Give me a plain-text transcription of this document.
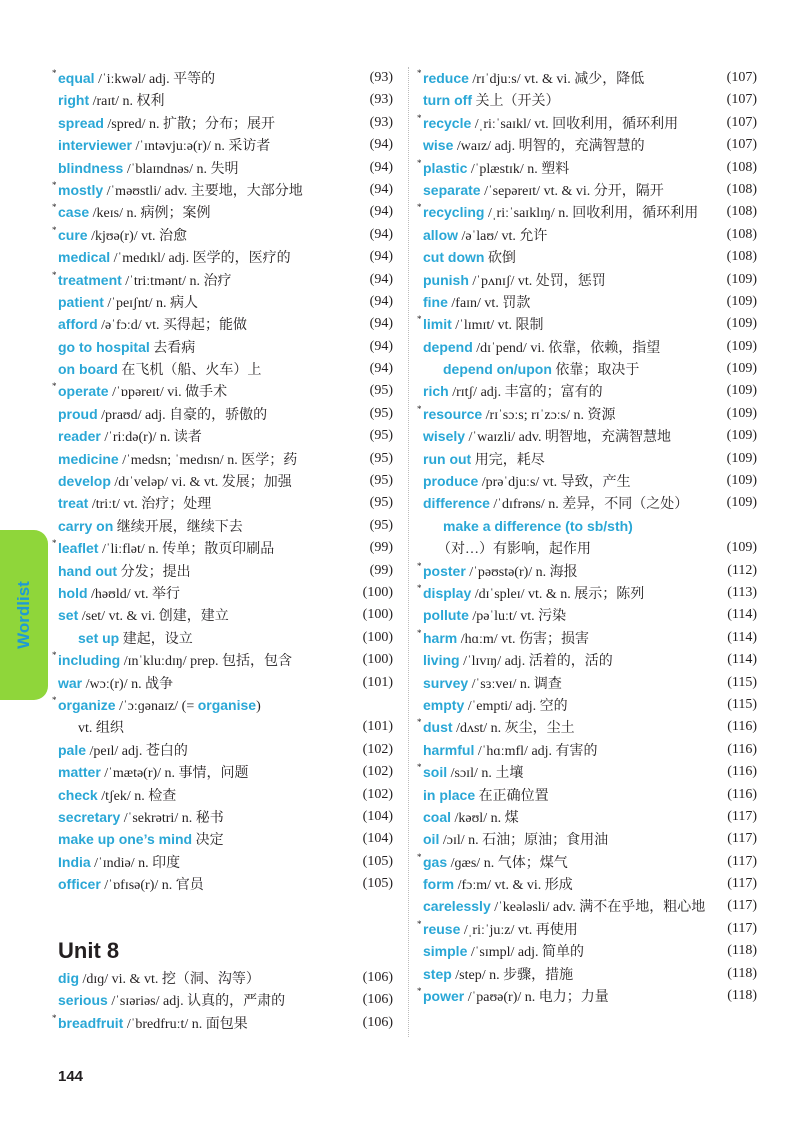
Wordlist
* equal /ˈiːkwəl/ adj. 平等的	(93)
right /raɪt/ n. 权利	(93)
spread /spred/ n. 扩散；分布；展开	(93)
interviewer /ˈɪntəvjuːə(r)/ n. 采访者	(94)
blindness /ˈblaɪndnəs/ n. 失明	(94)
* mostly /ˈməʊstli/ adv. 主要地，大部分地	(94)
* case /keɪs/ n. 病例；案例	(94)
* cure /kjʊə(r)/ vt. 治愈	(94)
medical /ˈmedɪkl/ adj. 医学的，医疗的	(94)
* treatment /ˈtriːtmənt/ n. 治疗	(94)
patient /ˈpeɪʃnt/ n. 病人	(94)
afford /əˈfɔːd/ vt. 买得起；能做	(94)
go to hospital 去看病	(94)
on board 在飞机（船、火车）上	(94)
* operate /ˈɒpəreɪt/ vi. 做手术	(95)
proud /praʊd/ adj. 自豪的，骄傲的	(95)
reader /ˈriːdə(r)/ n. 读者	(95)
medicine /ˈmedsn; ˈmedɪsn/ n. 医学；药	(95)
develop /dɪˈveləp/ vi. & vt. 发展；加强	(95)
treat /triːt/ vt. 治疗；处理	(95)
carry on 继续开展，继续下去	(95)
* leaflet /ˈliːflət/ n. 传单；散页印刷品	(99)
hand out 分发；提出	(99)
hold /həʊld/ vt. 举行	(100)
set /set/ vt. & vi. 创建，建立	(100)
set up 建起，设立	(100)
* including /ɪnˈkluːdɪŋ/ prep. 包括，包含	(100)
war /wɔː(r)/ n. 战争	(101)
* organize /ˈɔːɡənaɪz/ (= organise)
vt. 组织	(101)
pale /peɪl/ adj. 苍白的	(102)
matter /ˈmætə(r)/ n. 事情，问题	(102)
check /tʃek/ n. 检查	(102)
secretary /ˈsekrətri/ n. 秘书	(104)
make up one’s mind 决定	(104)
India /ˈɪndiə/ n. 印度	(105)
officer /ˈɒfɪsə(r)/ n. 官员	(105)
Unit 8
dig /dɪɡ/ vi. & vt. 挖（洞、沟等）	(106)
serious /ˈsɪəriəs/ adj. 认真的，严肃的	(106)
* breadfruit /ˈbredfruːt/ n. 面包果	(106)
* reduce /rɪˈdjuːs/ vt. & vi. 减少，降低	(107)
turn off 关上（开关）	(107)
* recycle /ˌriːˈsaɪkl/ vt. 回收利用，循环利用	(107)
wise /waɪz/ adj. 明智的，充满智慧的	(107)
* plastic /ˈplæstɪk/ n. 塑料	(108)
separate /ˈsepəreɪt/ vt. & vi. 分开，隔开	(108)
* recycling /ˌriːˈsaɪklɪŋ/ n. 回收利用，循环利用 (108)
allow /əˈlaʊ/ vt. 允许	(108)
cut down 砍倒	(108)
punish /ˈpʌnɪʃ/ vt. 处罚，惩罚	(109)
fine /faɪn/ vt. 罚款	(109)
* limit /ˈlɪmɪt/ vt. 限制	(109)
depend /dɪˈpend/ vi. 依靠，依赖，指望	(109)
depend on/upon 依靠；取决于	(109)
rich /rɪtʃ/ adj. 丰富的；富有的	(109)
* resource /rɪˈsɔːs; rɪˈzɔːs/ n. 资源	(109)
wisely /ˈwaɪzli/ adv. 明智地，充满智慧地	(109)
run out 用完，耗尽	(109)
produce /prəˈdjuːs/ vt. 导致，产生	(109)
difference /ˈdɪfrəns/ n. 差异，不同（之处）	(109)
make a difference (to sb/sth)
（对…）有影响，起作用	(109)
* poster /ˈpəʊstə(r)/ n. 海报	(112)
* display /dɪˈspleɪ/ vt. & n. 展示；陈列	(113)
pollute /pəˈluːt/ vt. 污染	(114)
* harm /hɑːm/ vt. 伤害；损害	(114)
living /ˈlɪvɪŋ/ adj. 活着的，活的	(114)
survey /ˈsɜːveɪ/ n. 调查	(115)
empty /ˈempti/ adj. 空的	(115)
* dust /dʌst/ n. 灰尘，尘土	(116)
harmful /ˈhɑːmfl/ adj. 有害的	(116)
* soil /sɔɪl/ n. 土壤	(116)
in place 在正确位置	(116)
coal /kəʊl/ n. 煤	(117)
oil /ɔɪl/ n. 石油；原油；食用油	(117)
* gas /ɡæs/ n. 气体；煤气	(117)
form /fɔːm/ vt. & vi. 形成	(117)
carelessly /ˈkeələsli/ adv. 满不在乎地，粗心地 (117)
* reuse /ˌriːˈjuːz/ vt. 再使用	(117)
simple /ˈsɪmpl/ adj. 简单的	(118)
step /step/ n. 步骤，措施	(118)
* power /ˈpaʊə(r)/ n. 电力；力量	(118)
144
